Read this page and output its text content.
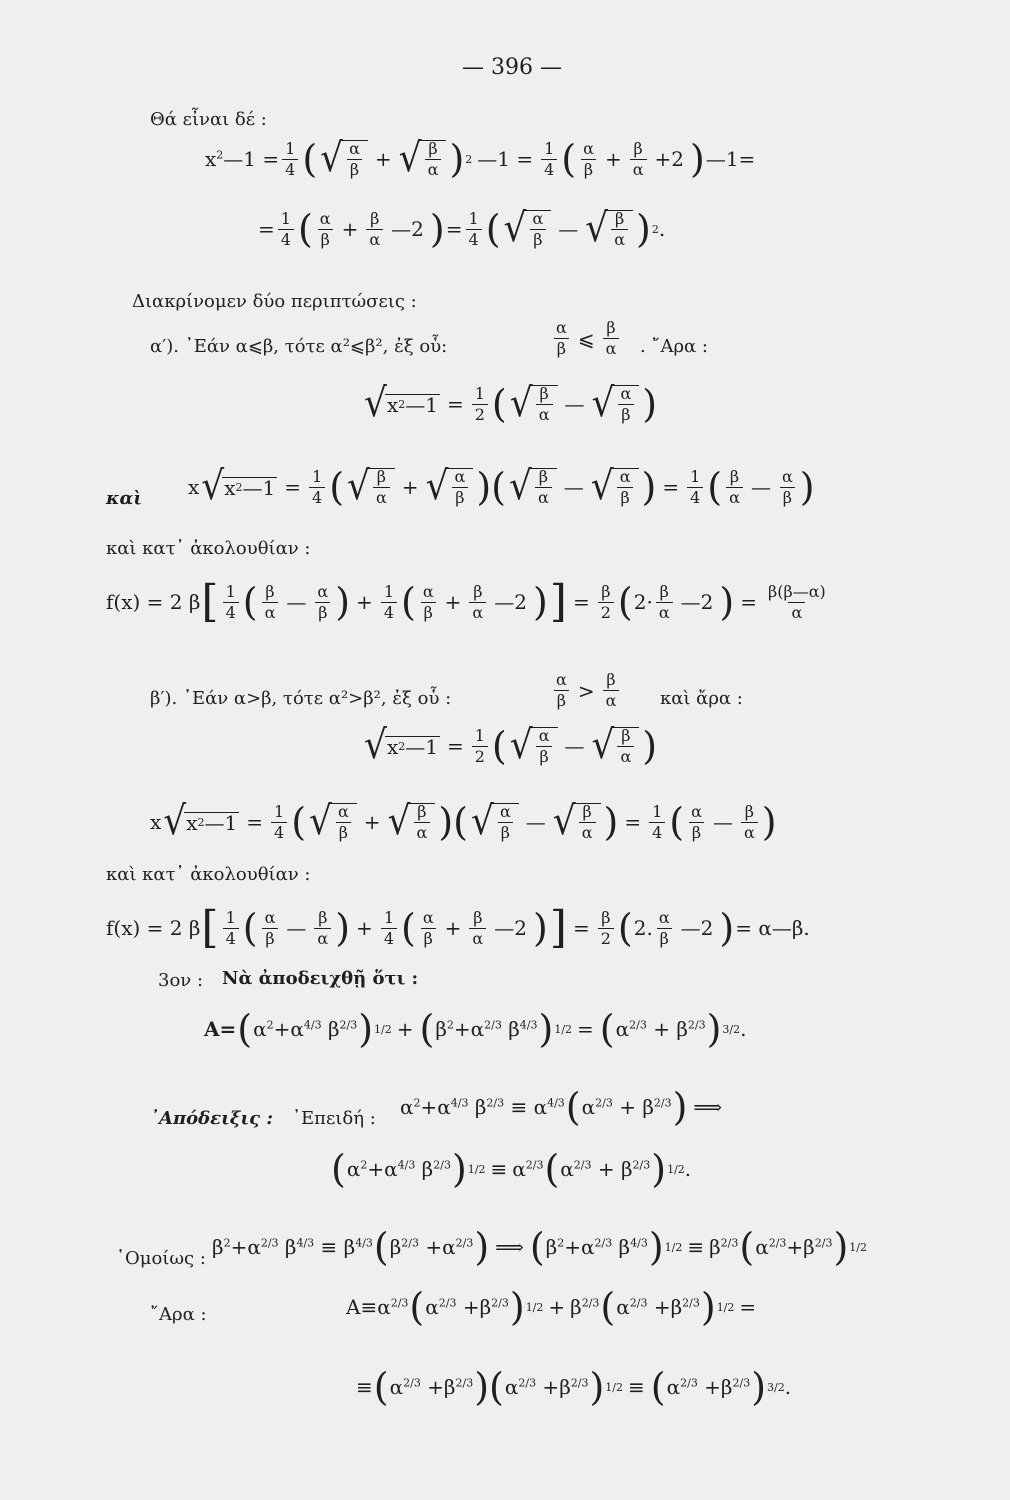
— 396 —
Θά εἶναι δέ :
$x^2—1 = \frac{1}{4}$ ( √ $\frac{\alpha}{\beta}$ + √ $\frac{\beta}{\alpha}$ ) 2 —1 = $\frac{1}{4}$ ( $\frac{\alpha}{\beta} + \frac{\beta}{\alpha} +2$ ) —1=
= $\frac{1}{4}$ ( $\frac{\alpha}{\beta} + \frac{\beta}{\alpha}$ —2 ) = $\frac{1}{4}$ ( √ $\frac{\alpha}{\beta}$ — √ $\frac{\beta}{\alpha}$ ) 2 .
Διακρίνομεν δύο περιπτώσεις :
α′). ᾽Εάν α⩽β, τότε α²⩽β², ἐξ οὗ:	$\frac{\alpha}{\beta}$ ⩽ $\frac{\beta}{\alpha}$ . ῎Αρα :
√ x 2 —1 = $\frac{1}{2}$ ( √ $\frac{\beta}{\alpha}$ — √ $\frac{\alpha}{\beta}$ )
καὶ x √ x 2 —1 = $\frac{1}{4}$ ( √ $\frac{\beta}{\alpha}$ + √ $\frac{\alpha}{\beta}$ )( √ $\frac{\beta}{\alpha}$ — √ $\frac{\alpha}{\beta}$ ) = $\frac{1}{4}$ ( $\frac{\beta}{\alpha}$ — $\frac{\alpha}{\beta}$ )
καὶ κατ᾽ ἀκολουθίαν :
f(x) = 2 β [ $\frac{1}{4}$ ( $\frac{\beta}{\alpha}$ — $\frac{\alpha}{\beta}$ ) + $\frac{1}{4}$ ( $\frac{\alpha}{\beta} + \frac{\beta}{\alpha}$ —2 ) ] = $\frac{\beta}{2}$ ( $2\cdot \frac{\beta}{\alpha}$ —2 ) = $\frac{\beta(\beta—\alpha)}{\alpha}$
β′). ᾽Εάν α>β, τότε α²>β², ἐξ οὗ :	$\frac{\alpha}{\beta} > \frac{\beta}{\alpha}$ καὶ ἄρα :
√ x 2 —1 = $\frac{1}{2}$ ( √ $\frac{\alpha}{\beta}$ — √ $\frac{\beta}{\alpha}$ )
x √ x 2 —1 = $\frac{1}{4}$ ( √ $\frac{\alpha}{\beta}$ + √ $\frac{\beta}{\alpha}$ )( √ $\frac{\alpha}{\beta}$ — √ $\frac{\beta}{\alpha}$ ) = $\frac{1}{4}$ ( $\frac{\alpha}{\beta}$ — $\frac{\beta}{\alpha}$ )
καὶ κατ᾽ ἀκολουθίαν :
f(x) = 2 β [ $\frac{1}{4}$ ( $\frac{\alpha}{\beta}$ — $\frac{\beta}{\alpha}$ ) + $\frac{1}{4}$ ( $\frac{\alpha}{\beta} + \frac{\beta}{\alpha}$ —2 ) ] = $\frac{\beta}{2}$ ( 2. $\frac{\alpha}{\beta}$ —2 ) = α—β.
3ον : Νὰ ἀποδειχθῇ ὅτι :
A= ( $\alpha^2+\alpha^{4/3}$ $\beta^{2/3}$ ) 1/2 + ( $\beta^2+\alpha^{2/3}$ $\beta^{4/3}$ ) 1/2 = ( $\alpha^{2/3} + \beta^{2/3}$ ) 3/2 .
᾽Απόδειξις : ᾽Επειδή : $\alpha^2+\alpha^{4/3}$ $\beta^{2/3} \equiv \alpha^{4/3}$ ( $\alpha^{2/3} + \beta^{2/3}$ ) ⟹
( $\alpha^2+\alpha^{4/3}$ $\beta^{2/3}$ ) $1/2 \equiv \alpha^{2/3}$ ( $\alpha^{2/3} + \beta^{2/3}$ ) 1/2 .
῾Ομοίως : $\beta^2+\alpha^{2/3}$ $\beta^{4/3} \equiv \beta^{4/3}$ ( $\beta^{2/3} +\alpha^{2/3}$ ) ⟹ ( $\beta^2+\alpha^{2/3}$ $\beta^{4/3}$ ) $1/2 \equiv \beta^{2/3}$ ( $\alpha^{2/3}+\beta^{2/3}$ ) 1/2
῎Αρα :	$A\equiv\alpha^{2/3}$ ( $\alpha^{2/3} +\beta^{2/3}$ ) $1/2 + \beta^{2/3}$ ( $\alpha^{2/3} +\beta^{2/3}$ ) 1/2 =
≡ ( $\alpha^{2/3} +\beta^{2/3}$ )( $\alpha^{2/3} +\beta^{2/3}$ ) 1/2 ≡ ( $\alpha^{2/3} +\beta^{2/3}$ ) 3/2 .
